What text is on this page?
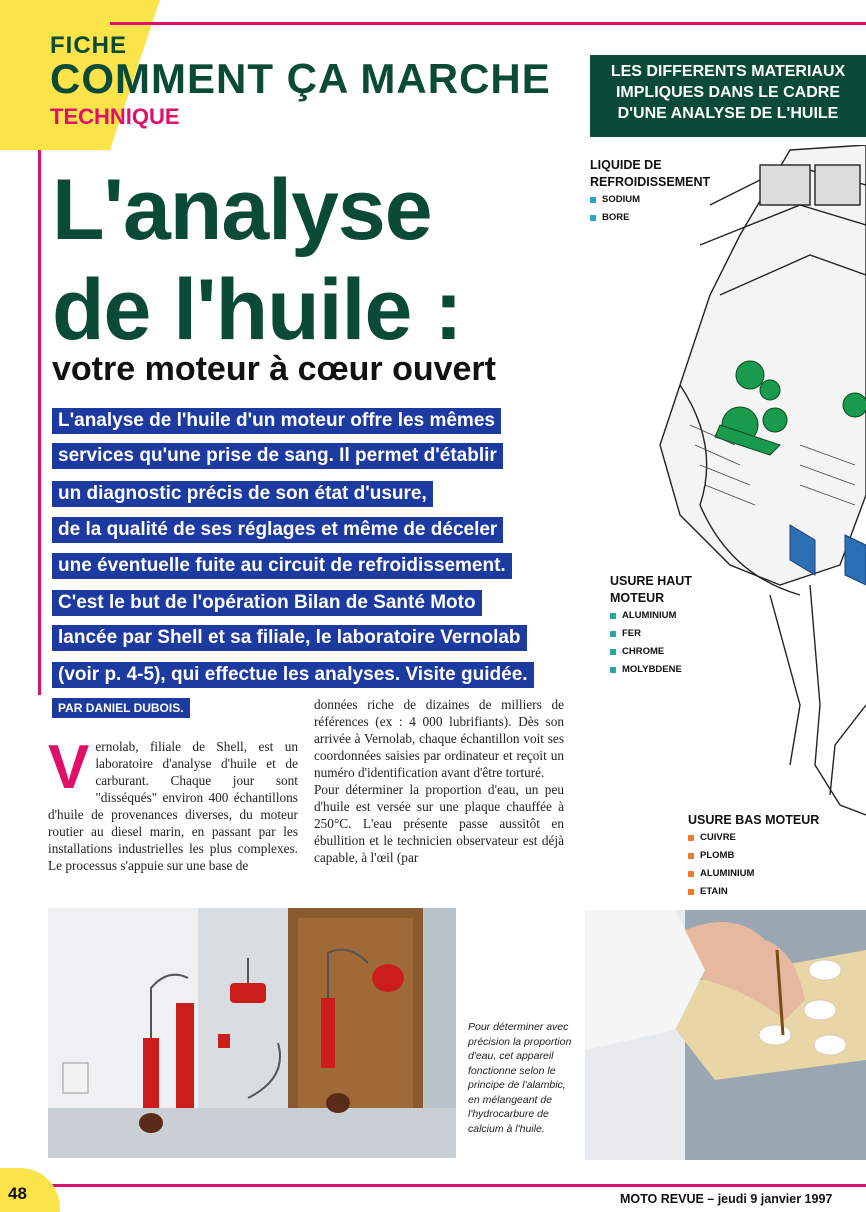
FICHE
COMMENT ÇA MARCHE
TECHNIQUE
LES DIFFERENTS MATERIAUX
IMPLIQUES DANS LE CADRE
D'UNE ANALYSE DE L'HUILE
L'analyse
de l'huile :
votre moteur à cœur ouvert
L'analyse de l'huile d'un moteur offre les mêmes
services qu'une prise de sang. Il permet d'établir
un diagnostic précis de son état d'usure,
de la qualité de ses réglages et même de déceler
une éventuelle fuite au circuit de refroidissement.
C'est le but de l'opération Bilan de Santé Moto
lancée par Shell et sa filiale, le laboratoire Vernolab
(voir p. 4-5), qui effectue les analyses. Visite guidée.
PAR DANIEL DUBOIS.
Vernolab, filiale de Shell, est un laboratoire d'analyse d'huile et de carburant. Chaque jour sont "disséqués" environ 400 échantillons d'huile de provenances diverses, du moteur routier au diesel marin, en passant par les installations industrielles les plus complexes. Le processus s'appuie sur une base de
données riche de dizaines de milliers de références (ex : 4 000 lubrifiants). Dès son arrivée à Vernolab, chaque échantillon voit ses coordonnées saisies par ordinateur et reçoit un numéro d'identification avant d'être torturé.
Pour déterminer la proportion d'eau, un peu d'huile est versée sur une plaque chauffée à 250°C. L'eau présente passe aussitôt en ébullition et le technicien observateur est déjà capable, à l'œil (par
LIQUIDE DE
REFROIDISSEMENT
SODIUM
BORE
USURE HAUT
MOTEUR
ALUMINIUM
FER
CHROME
MOLYBDENE
USURE BAS MOTEUR
CUIVRE
PLOMB
ALUMINIUM
ETAIN
Pour déterminer avec précision la proportion d'eau, cet appareil fonctionne selon le principe de l'alambic, en mélangeant de l'hydrocarbure de calcium à l'huile.
48	MOTO REVUE – jeudi 9 janvier 1997
